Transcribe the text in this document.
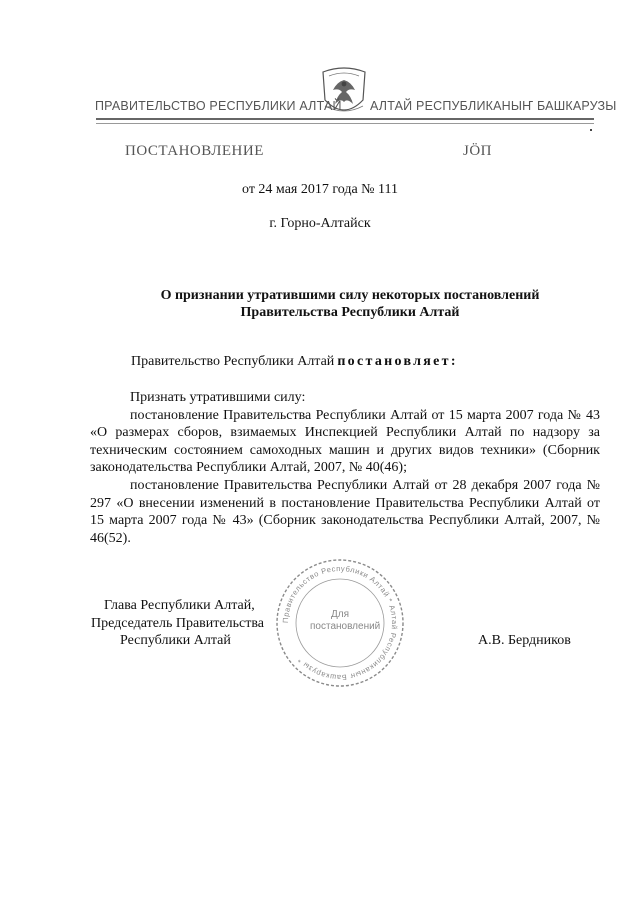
ПРАВИТЕЛЬСТВО РЕСПУБЛИКИ АЛТАЙ АЛТАЙ РЕСПУБЛИКАНЫҤ БАШКАРУЗЫ
ПОСТАНОВЛЕНИЕ	ЈӦП
от 24 мая 2017 года № 111
г. Горно-Алтайск
О признании утратившими силу некоторых постановлений
Правительства Республики Алтай
Правительство Республики Алтай постановляет:

Признать утратившими силу:

постановление Правительства Республики Алтай от 15 марта 2007 года № 43 «О размерах сборов, взимаемых Инспекцией Республики Алтай по надзору за техническим состоянием самоходных машин и других видов техники» (Сборник законодательства Республики Алтай, 2007, № 40(46);

постановление Правительства Республики Алтай от 28 декабря 2007 года № 297 «О внесении изменений в постановление Правительства Республики Алтай от 15 марта 2007 года № 43» (Сборник законодательства Республики Алтай, 2007, № 46(52).

Правительство Республики Алтай * Алтай Республиканыҥ Башкарузы *
Для
постановлений
Глава Республики Алтай,
Председатель Правительства
Республики Алтай	А.В. Бердников
